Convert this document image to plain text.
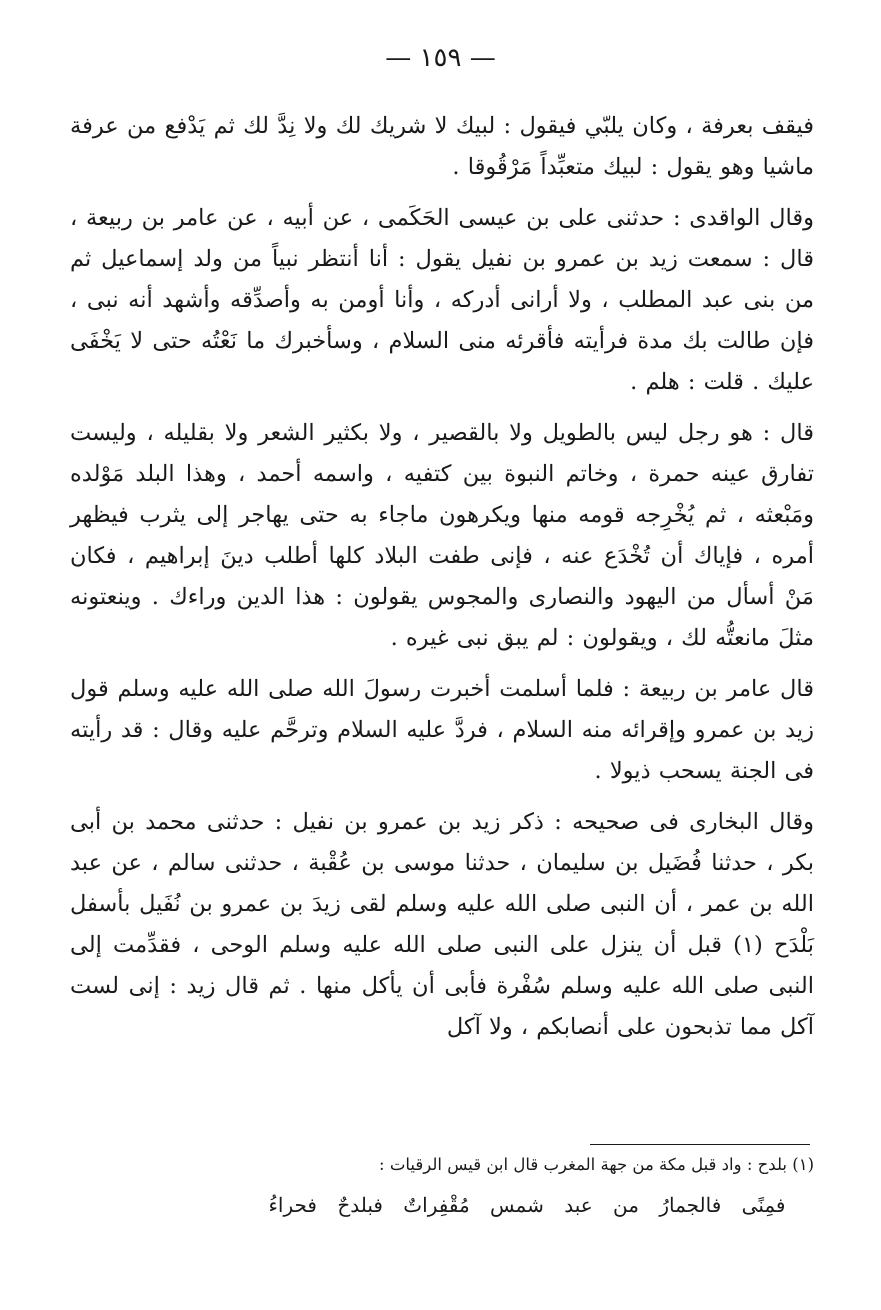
— ١٥٩ —

فيقف بعرفة ، وكان يلبّي فيقول : لبيك لا شريك لك ولا نِدَّ لك ثم يَدْفع من عرفة ماشيا وهو يقول : لبيك متعبِّداً مَرْقُوقا .

وقال الواقدى : حدثنى على بن عيسى الحَكَمى ، عن أبيه ، عن عامر بن ربيعة ، قال : سمعت زيد بن عمرو بن نفيل يقول : أنا أنتظر نبياً من ولد إسماعيل ثم من بنى عبد المطلب ، ولا أرانى أدركه ، وأنا أومن به وأصدِّقه وأشهد أنه نبى ، فإن طالت بك مدة فرأيته فأقرئه منى السلام ، وسأخبرك ما نَعْتُه حتى لا يَخْفَى عليك . قلت : هلم .

قال : هو رجل ليس بالطويل ولا بالقصير ، ولا بكثير الشعر ولا بقليله ، وليست تفارق عينه حمرة ، وخاتم النبوة بين كتفيه ، واسمه أحمد ، وهذا البلد مَوْلده ومَبْعثه ، ثم يُخْرِجه قومه منها ويكرهون ماجاء به حتى يهاجر إلى يثرب فيظهر أمره ، فإياك أن تُخْدَع عنه ، فإنى طفت البلاد كلها أطلب دينَ إبراهيم ، فكان مَنْ أسأل من اليهود والنصارى والمجوس يقولون : هذا الدين وراءك . وينعتونه مثلَ مانعتُّه لك ، ويقولون : لم يبق نبى غيره .

قال عامر بن ربيعة : فلما أسلمت أخبرت رسولَ الله صلى الله عليه وسلم قول زيد بن عمرو وإقرائه منه السلام ، فردَّ عليه السلام وترحَّم عليه وقال : قد رأيته فى الجنة يسحب ذيولا .

وقال البخارى فى صحيحه : ذكر زيد بن عمرو بن نفيل : حدثنى محمد بن أبى بكر ، حدثنا فُضَيل بن سليمان ، حدثنا موسى بن عُقْبة ، حدثنى سالم ، عن عبد الله بن عمر ، أن النبى صلى الله عليه وسلم لقى زيدَ بن عمرو بن نُفَيل بأسفل بَلْدَح (١) قبل أن ينزل على النبى صلى الله عليه وسلم الوحى ، فقدِّمت إلى النبى صلى الله عليه وسلم سُفْرة فأبى أن يأكل منها . ثم قال زيد : إنى لست آكل مما تذبحون على أنصابكم ، ولا آكل

(١) بلدح : واد قبل مكة من جهة المغرب قال ابن قيس الرقيات :

فمِنًى فالجمارُ من عبد شمس مُقْفِراتٌ فبلدحٌ فحراءُ
